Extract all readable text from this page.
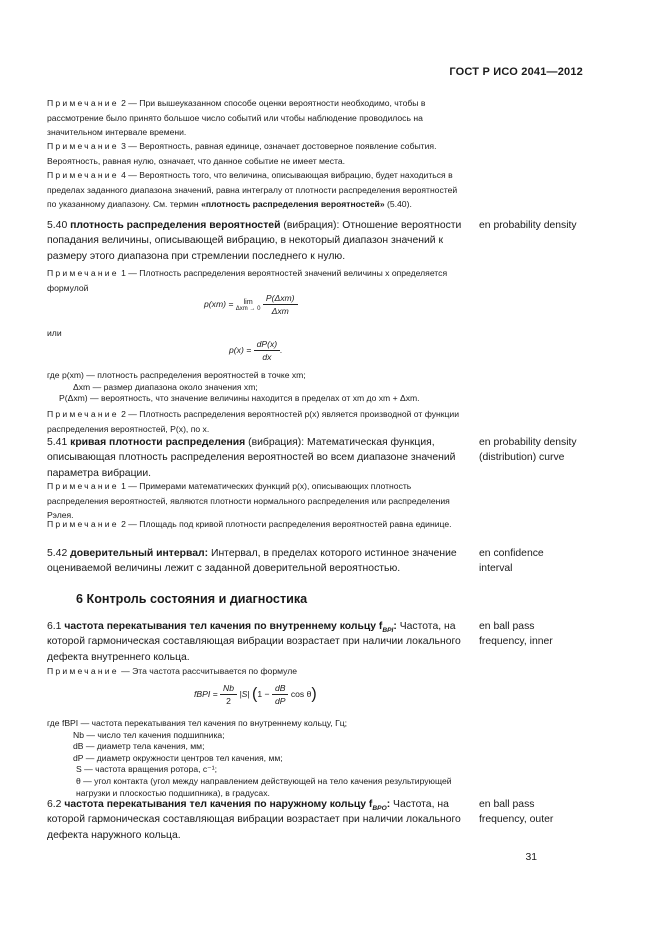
ГОСТ Р ИСО 2041—2012
Примечание 2 — При вышеуказанном способе оценки вероятности необходимо, чтобы в рассмотрение было принято большое число событий или чтобы наблюдение проводилось на значительном интервале времени.
Примечание 3 — Вероятность, равная единице, означает достоверное появление события. Вероятность, равная нулю, означает, что данное событие не имеет места.
Примечание 4 — Вероятность того, что величина, описывающая вибрацию, будет находиться в пределах заданного диапазона значений, равна интегралу от плотности распределения вероятностей по указанному диапазону. См. термин «плотность распределения вероятностей» (5.40).
5.40 плотность распределения вероятностей (вибрация): Отношение вероятности попадания величины, описывающей вибрацию, в некоторый диапазон значений к размеру этого диапазона при стремлении последнего к нулю.
en probability density
Примечание 1 — Плотность распределения вероятностей значений величины x определяется формулой
p(xm) = lim
Δxm → 0
$\frac{\text{P(Δxm)}}{\text{Δxm}}$
или
$p(x) = \frac{dP(x)}{dx}$ .
где p(xm) — плотность распределения вероятностей в точке xm;
Δxm — размер диапазона около значения xm;
P(Δxm) — вероятность, что значение величины находится в пределах от xm до xm + Δxm.
Примечание 2 — Плотность распределения вероятностей p(x) является производной от функции распределения вероятностей, P(x), по x.
5.41 кривая плотности распределения (вибрация): Математическая функция, описывающая плотность распределения вероятностей во всем диапазоне значений параметра вибрации.
en probability density
(distribution) curve
Примечание 1 — Примерами математических функций p(x), описывающих плотность распределения вероятностей, являются плотности нормального распределения или распределения Рэлея.
Примечание 2 — Площадь под кривой плотности распределения вероятностей равна единице.
5.42 доверительный интервал: Интервал, в пределах которого истинное значение оцениваемой величины лежит с заданной доверительной вероятностью.
en confidence
interval
6 Контроль состояния и диагностика
6.1 частота перекатывания тел качения по внутреннему кольцу $f_{BPI}$: Частота, на которой гармоническая составляющая вибрации возрастает при наличии локального дефекта внутреннего кольца.
en ball pass
frequency, inner
Примечание — Эта частота рассчитывается по формуле
fBPI = $\frac{Nb}{2} |S|$ ($1 - \frac{dB}{dP}$ cos θ)
где fBPI — частота перекатывания тел качения по внутреннему кольцу, Гц;
Nb — число тел качения подшипника;
dB — диаметр тела качения, мм;
dP — диаметр окружности центров тел качения, мм;
S — частота вращения ротора, с⁻¹;
θ — угол контакта (угол между направлением действующей на тело качения результирующей нагрузки и плоскостью подшипника), в градусах.
6.2 частота перекатывания тел качения по наружному кольцу $f_{BPO}$: Частота, на которой гармоническая составляющая вибрации возрастает при наличии локального дефекта наружного кольца.
en ball pass
frequency, outer
31
